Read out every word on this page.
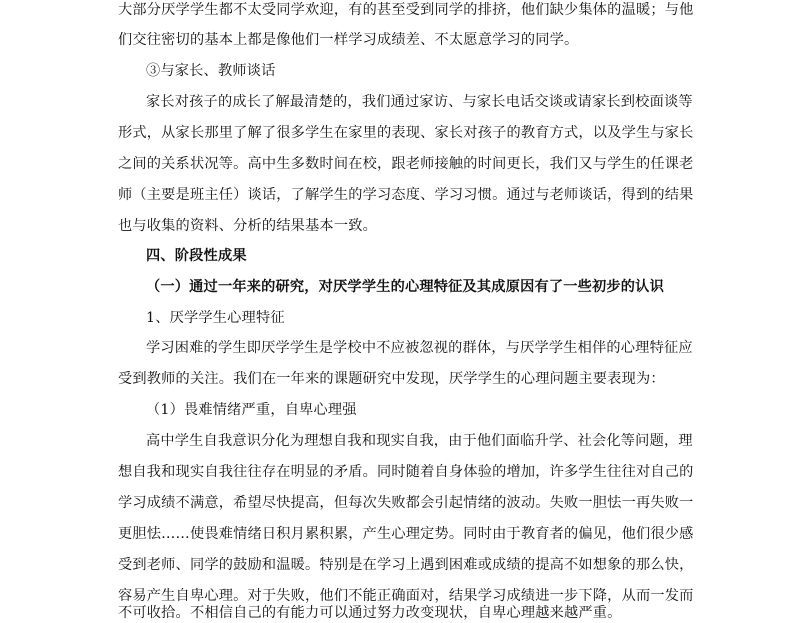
大部分厌学学生都不太受同学欢迎，有的甚至受到同学的排挤，他们缺少集体的温暖；与他
们交往密切的基本上都是像他们一样学习成绩差、不太愿意学习的同学。
③与家长、教师谈话
家长对孩子的成长了解最清楚的，我们通过家访、与家长电话交谈或请家长到校面谈等
形式，从家长那里了解了很多学生在家里的表现、家长对孩子的教育方式，以及学生与家长
之间的关系状况等。高中生多数时间在校，跟老师接触的时间更长，我们又与学生的任课老
师（主要是班主任）谈话，了解学生的学习态度、学习习惯。通过与老师谈话，得到的结果
也与收集的资料、分析的结果基本一致。
四、阶段性成果
（一）通过一年来的研究，对厌学学生的心理特征及其成原因有了一些初步的认识
1、厌学学生心理特征
学习困难的学生即厌学学生是学校中不应被忽视的群体，与厌学学生相伴的心理特征应
受到教师的关注。我们在一年来的课题研究中发现，厌学学生的心理问题主要表现为：
（1）畏难情绪严重，自卑心理强
高中学生自我意识分化为理想自我和现实自我，由于他们面临升学、社会化等问题，理
想自我和现实自我往往存在明显的矛盾。同时随着自身体验的增加，许多学生往往对自己的
学习成绩不满意，希望尽快提高，但每次失败都会引起情绪的波动。失败一胆怯一再失败一
更胆怯……使畏难情绪日积月累积累，产生心理定势。同时由于教育者的偏见，他们很少感
受到老师、同学的鼓励和温暖。特别是在学习上遇到困难或成绩的提高不如想象的那么快，
容易产生自卑心理。对于失败，他们不能正确面对，结果学习成绩进一步下降，从而一发而
不可收拾。不相信自己的有能力可以通过努力改变现状，自卑心理越来越严重。
